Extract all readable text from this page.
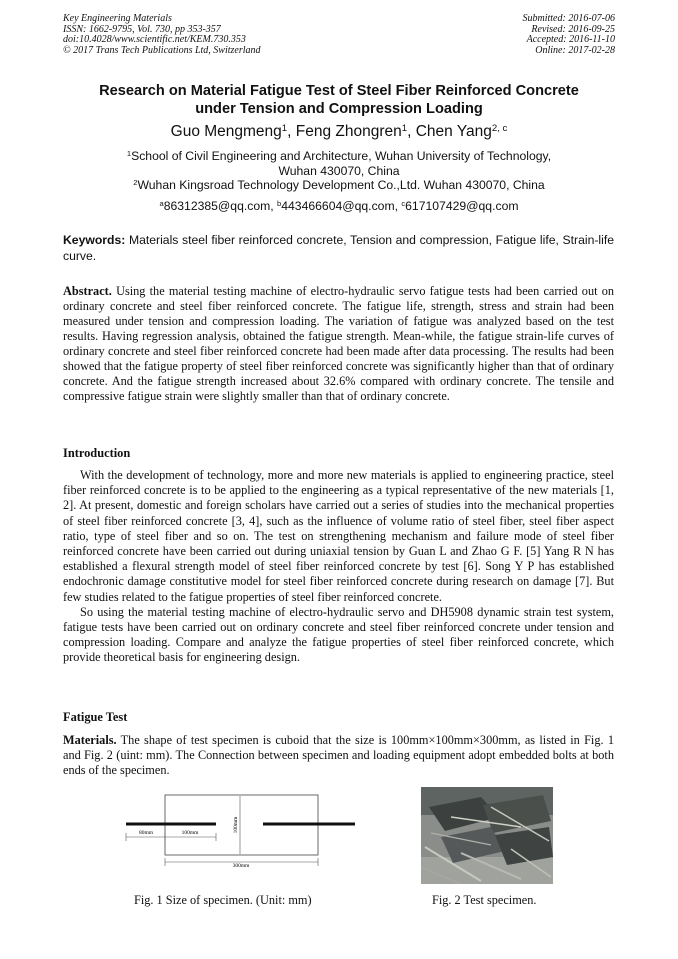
Key Engineering Materials
ISSN: 1662-9795, Vol. 730, pp 353-357
doi:10.4028/www.scientific.net/KEM.730.353
© 2017 Trans Tech Publications Ltd, Switzerland
Submitted: 2016-07-06
Revised: 2016-09-25
Accepted: 2016-11-10
Online: 2017-02-28
Research on Material Fatigue Test of Steel Fiber Reinforced Concrete
under Tension and Compression Loading
Guo Mengmeng$^1$, Feng Zhongren$^1$, Chen Yang$^{2, c}$
$^1$School of Civil Engineering and Architecture, Wuhan University of Technology,
Wuhan 430070, China
$^2$Wuhan Kingsroad Technology Development Co.,Ltd. Wuhan 430070, China
$^a$86312385@qq.com, $^b$443466604@qq.com, $^c$617107429@qq.com
Keywords: Materials steel fiber reinforced concrete, Tension and compression, Fatigue life, Strain-life curve.
Abstract. Using the material testing machine of electro-hydraulic servo fatigue tests had been carried out on ordinary concrete and steel fiber reinforced concrete. The fatigue life, strength, stress and strain had been measured under tension and compression loading. The variation of fatigue was analyzed based on the test results. Having regression analysis, obtained the fatigue strength. Mean-while, the fatigue strain-life curves of ordinary concrete and steel fiber reinforced concrete had been made after data processing. The results had been showed that the fatigue property of steel fiber reinforced concrete was significantly higher than that of ordinary concrete. And the fatigue strength increased about 32.6% compared with ordinary concrete. The tensile and compressive fatigue strain were slightly smaller than that of ordinary concrete.
Introduction

With the development of technology, more and more new materials is applied to engineering practice, steel fiber reinforced concrete is to be applied to the engineering as a typical representative of the new materials [1, 2]. At present, domestic and foreign scholars have carried out a series of studies into the mechanical properties of steel fiber reinforced concrete [3, 4], such as the influence of volume ratio of steel fiber, steel fiber aspect ratio, type of steel fiber and so on. The test on strengthening mechanism and failure mode of steel fiber reinforced concrete have been carried out during uniaxial tension by Guan L and Zhao G F. [5] Yang R N has established a flexural strength model of steel fiber reinforced concrete by test [6]. Song Y P has established endochronic damage constitutive model for steel fiber reinforced concrete during research on damage [7]. But few studies related to the fatigue properties of steel fiber reinforced concrete.

So using the material testing machine of electro-hydraulic servo and DH5908 dynamic strain test system, fatigue tests have been carried out on ordinary concrete and steel fiber reinforced concrete under tension and compression loading. Compare and analyze the fatigue properties of steel fiber reinforced concrete, which provide theoretical basis for engineering design.

Fatigue Test
Materials. The shape of test specimen is cuboid that the size is 100mm×100mm×300mm, as listed in Fig. 1 and Fig. 2 (uint: mm). The Connection between specimen and loading equipment adopt embedded bolts at both ends of the specimen.
80mm	100mm	100mm
300mm
Fig. 1 Size of specimen. (Unit: mm)	Fig. 2 Test specimen.
